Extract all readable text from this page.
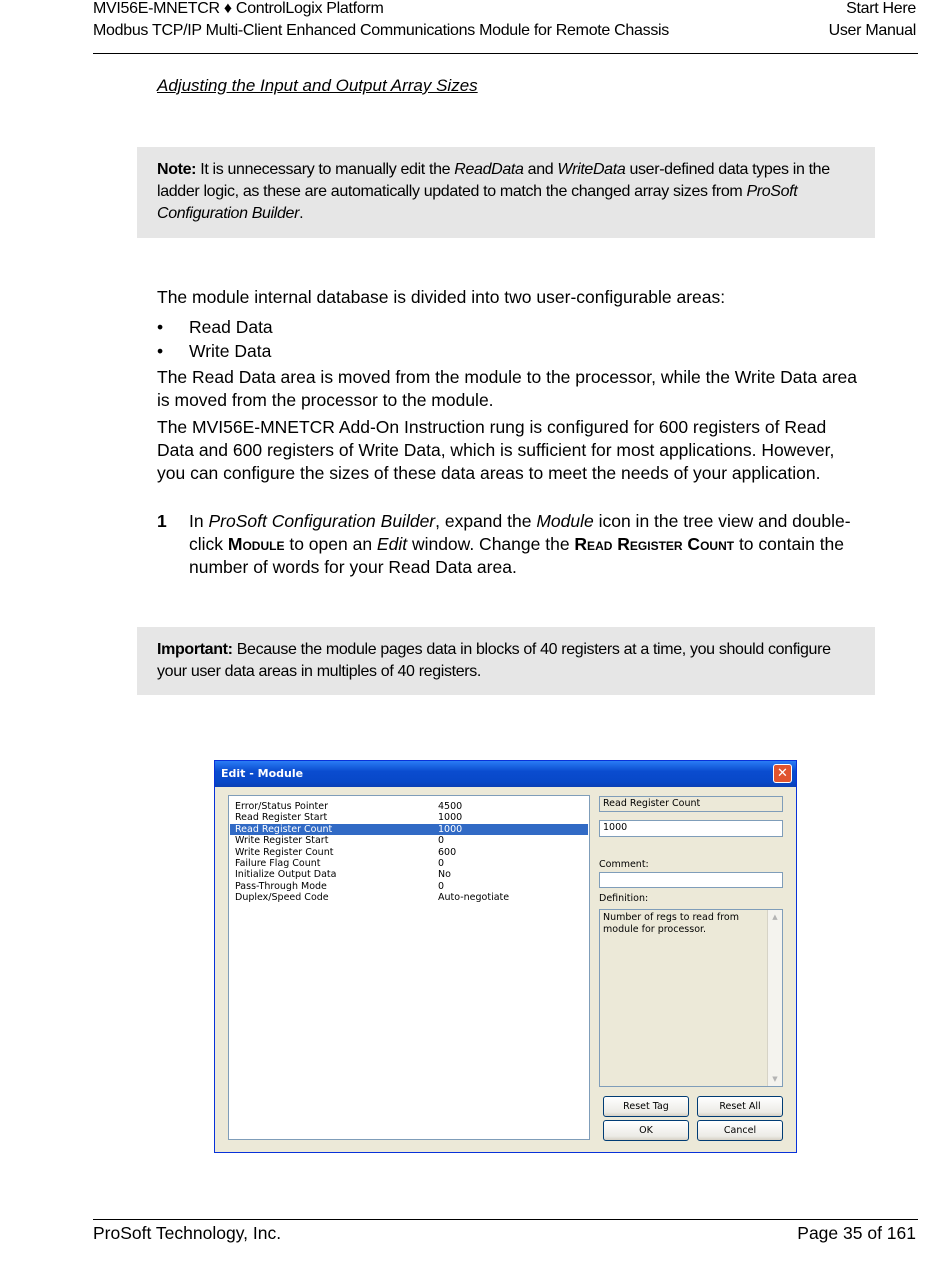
MVI56E-MNETCR ♦ ControlLogix Platform
Modbus TCP/IP Multi-Client Enhanced Communications Module for Remote Chassis
Start Here
User Manual
Adjusting the Input and Output Array Sizes
Note: It is unnecessary to manually edit the ReadData and WriteData user-defined data types in the ladder logic, as these are automatically updated to match the changed array sizes from ProSoft Configuration Builder.
The module internal database is divided into two user-configurable areas:
• Read Data
• Write Data
The Read Data area is moved from the module to the processor, while the Write Data area is moved from the processor to the module.
The MVI56E-MNETCR Add-On Instruction rung is configured for 600 registers of Read Data and 600 registers of Write Data, which is sufficient for most applications. However, you can configure the sizes of these data areas to meet the needs of your application.
1 In ProSoft Configuration Builder, expand the Module icon in the tree view and double-click Module to open an Edit window. Change the Read Register Count to contain the number of words for your Read Data area.
Important: Because the module pages data in blocks of 40 registers at a time, you should configure your user data areas in multiples of 40 registers.
Edit - Module	✕
Error/Status Pointer	4500
Read Register Start	1000
Read Register Count	1000
Write Register Start	0
Write Register Count	600
Failure Flag Count	0
Initialize Output Data	No
Pass-Through Mode	0
Duplex/Speed Code	Auto-negotiate
Read Register Count
1000
Comment:
Definition:
Number of regs to read from module for processor.
▲
▼
Reset Tag	Reset All
OK	Cancel
ProSoft Technology, Inc.	Page 35 of 161
